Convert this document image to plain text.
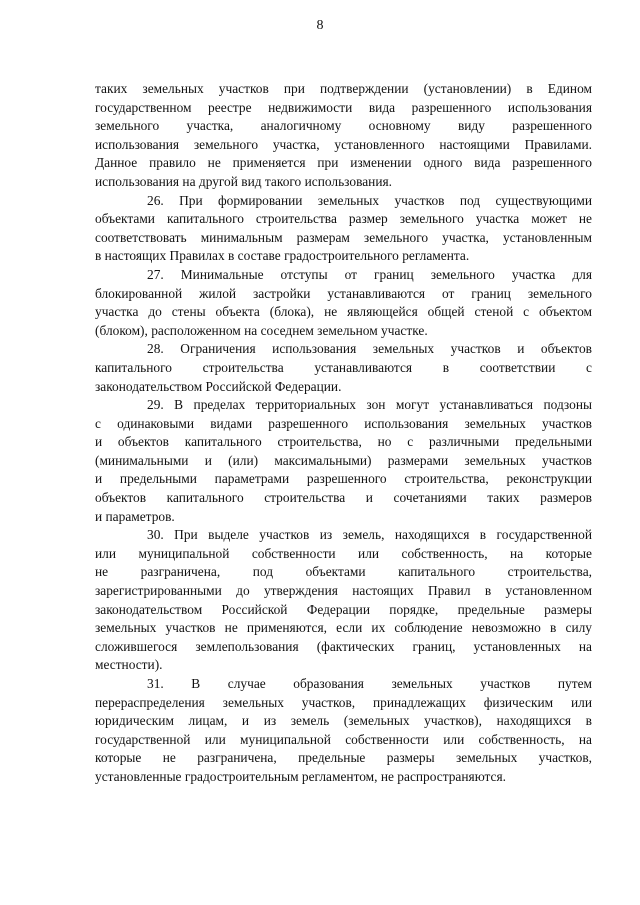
8
таких земельных участков при подтверждении (установлении) в Едином
государственном реестре недвижимости вида разрешенного использования
земельного участка, аналогичному основному виду разрешенного
использования земельного участка, установленного настоящими Правилами.
Данное правило не применяется при изменении одного вида разрешенного
использования на другой вид такого использования.
26. При формировании земельных участков под существующими
объектами капитального строительства размер земельного участка может не
соответствовать минимальным размерам земельного участка, установленным
в настоящих Правилах в составе градостроительного регламента.
27. Минимальные отступы от границ земельного участка для
блокированной жилой застройки устанавливаются от границ земельного
участка до стены объекта (блока), не являющейся общей стеной с объектом
(блоком), расположенном на соседнем земельном участке.
28. Ограничения использования земельных участков и объектов
капитального строительства устанавливаются в соответствии с
законодательством Российской Федерации.
29. В пределах территориальных зон могут устанавливаться подзоны
с одинаковыми видами разрешенного использования земельных участков
и объектов капитального строительства, но с различными предельными
(минимальными и (или) максимальными) размерами земельных участков
и предельными параметрами разрешенного строительства, реконструкции
объектов капитального строительства и сочетаниями таких размеров
и параметров.
30. При выделе участков из земель, находящихся в государственной
или муниципальной собственности или собственность, на которые
не разграничена, под объектами капитального строительства,
зарегистрированными до утверждения настоящих Правил в установленном
законодательством Российской Федерации порядке, предельные размеры
земельных участков не применяются, если их соблюдение невозможно в силу
сложившегося землепользования (фактических границ, установленных на
местности).
31. В случае образования земельных участков путем
перераспределения земельных участков, принадлежащих физическим или
юридическим лицам, и из земель (земельных участков), находящихся в
государственной или муниципальной собственности или собственность, на
которые не разграничена, предельные размеры земельных участков,
установленные градостроительным регламентом, не распространяются.
